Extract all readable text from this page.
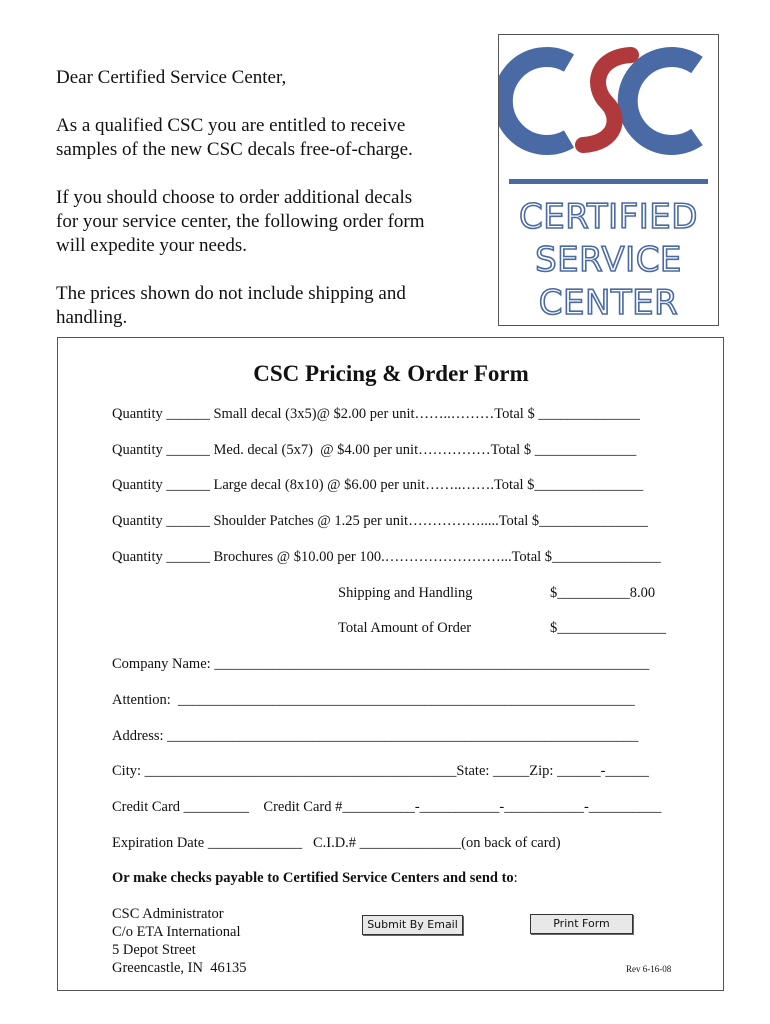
Dear Certified Service Center,
As a qualified CSC you are entitled to receive
samples of the new CSC decals free-of-charge.
If you should choose to order additional decals
for your service center, the following order form
will expedite your needs.
The prices shown do not include shipping and
handling.
CERTIFIED
SERVICE
CENTER
CSC Pricing & Order Form
Quantity ______ Small decal (3x5)@ $2.00 per unit……..………Total $ ______________
Quantity ______ Med. decal (5x7)  @ $4.00 per unit……………Total $ ______________
Quantity ______ Large decal (8x10) @ $6.00 per unit……..…….Total $_______________
Quantity ______ Shoulder Patches @ 1.25 per unit…………….....Total $_______________
Quantity ______ Brochures @ $10.00 per 100.……………………...Total $_______________
Shipping and Handling	$__________8.00
Total Amount of Order	$_______________
Company Name: ____________________________________________________________
Attention:  _______________________________________________________________
Address: _________________________________________________________________
City: ___________________________________________State: _____Zip: ______-______
Credit Card _________    Credit Card #__________-___________-___________-__________
Expiration Date _____________   C.I.D.# ______________(on back of card)
Or make checks payable to Certified Service Centers and send to:
CSC Administrator
C/o ETA International
5 Depot Street
Greencastle, IN  46135
Submit By Email	Print Form
Rev 6-16-08
